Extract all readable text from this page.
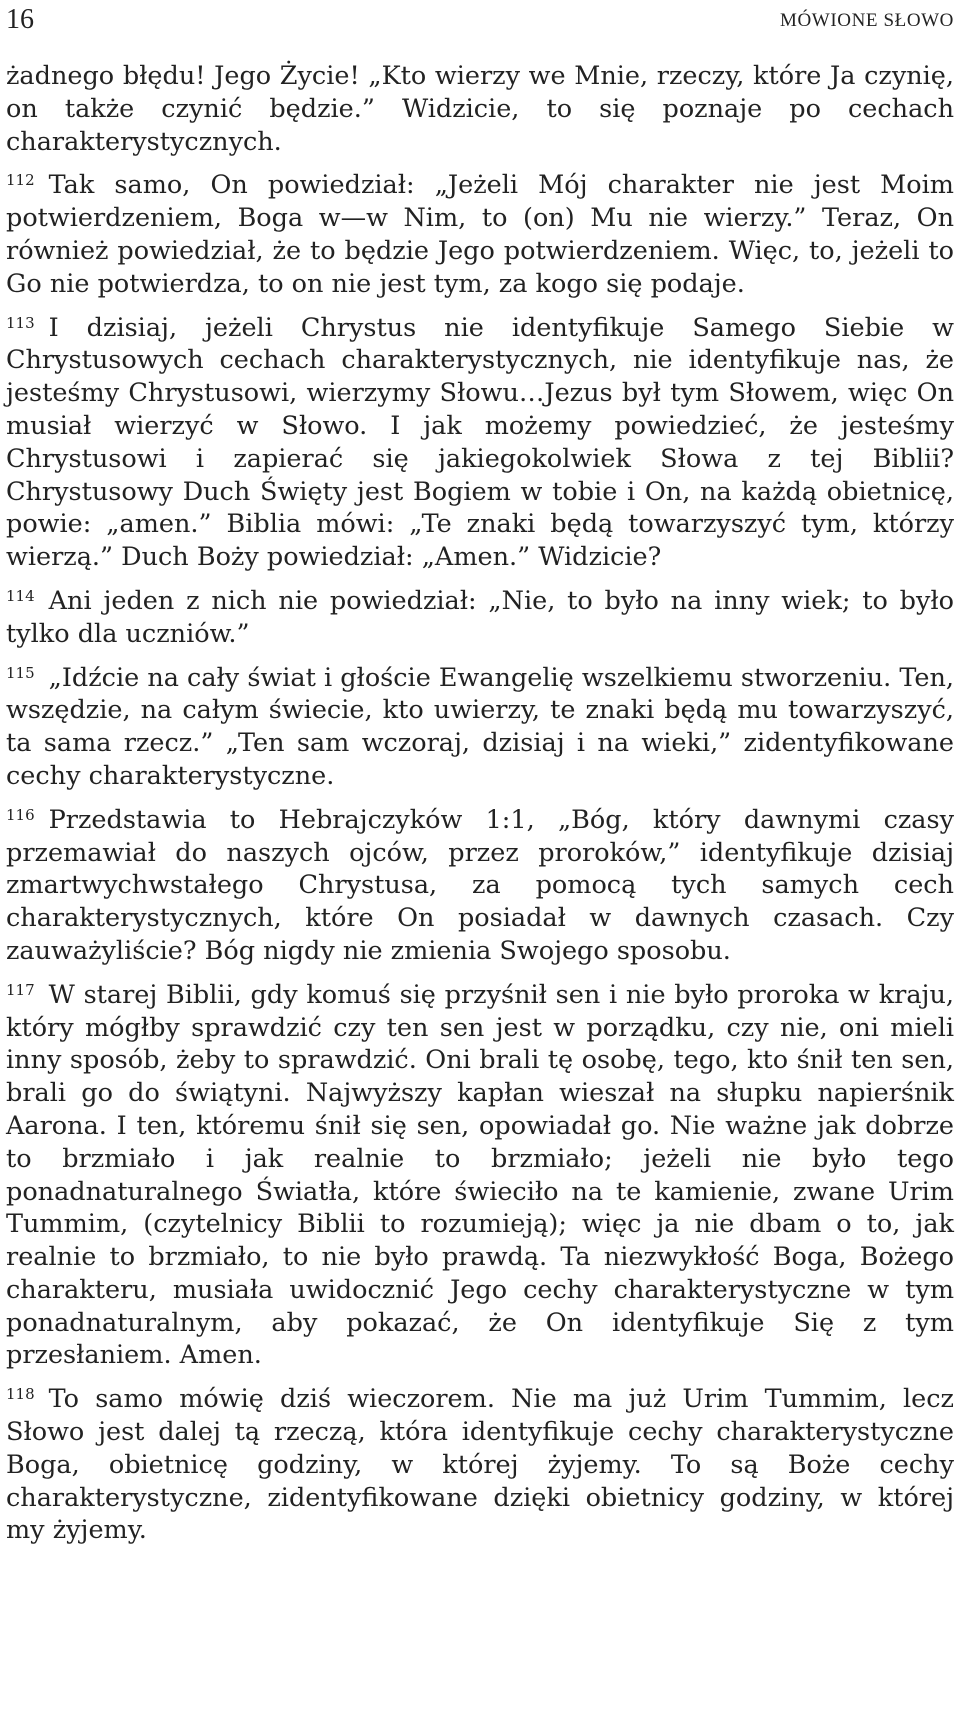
16	MÓWIONE SŁOWO

żadnego błędu! Jego Życie! „Kto wierzy we Mnie, rzeczy, które Ja czynię, on także czynić będzie.” Widzicie, to się poznaje po cechach charakterystycznych.

$^{112}$ Tak samo, On powiedział: „Jeżeli Mój charakter nie jest Moim potwierdzeniem, Boga w—w Nim, to (on) Mu nie wierzy.” Teraz, On również powiedział, że to będzie Jego potwierdzeniem. Więc, to, jeżeli to Go nie potwierdza, to on nie jest tym, za kogo się podaje.

$^{113}$ I dzisiaj, jeżeli Chrystus nie identyfikuje Samego Siebie w Chrystusowych cechach charakterystycznych, nie identyfikuje nas, że jesteśmy Chrystusowi, wierzymy Słowu…Jezus był tym Słowem, więc On musiał wierzyć w Słowo. I jak możemy powiedzieć, że jesteśmy Chrystusowi i zapierać się jakiegokolwiek Słowa z tej Biblii? Chrystusowy Duch Święty jest Bogiem w tobie i On, na każdą obietnicę, powie: „amen.” Biblia mówi: „Te znaki będą towarzyszyć tym, którzy wierzą.” Duch Boży powiedział: „Amen.” Widzicie?

$^{114}$ Ani jeden z nich nie powiedział: „Nie, to było na inny wiek; to było tylko dla uczniów.”

$^{115}$ „Idźcie na cały świat i głoście Ewangelię wszelkiemu stworzeniu. Ten, wszędzie, na całym świecie, kto uwierzy, te znaki będą mu towarzyszyć, ta sama rzecz.” „Ten sam wczoraj, dzisiaj i na wieki,” zidentyfikowane cechy charakterystyczne.

$^{116}$ Przedstawia to Hebrajczyków 1:1, „Bóg, który dawnymi czasy przemawiał do naszych ojców, przez proroków,” identyfikuje dzisiaj zmartwychwstałego Chrystusa, za pomocą tych samych cech charakterystycznych, które On posiadał w dawnych czasach. Czy zauważyliście? Bóg nigdy nie zmienia Swojego sposobu.

$^{117}$ W starej Biblii, gdy komuś się przyśnił sen i nie było proroka w kraju, który mógłby sprawdzić czy ten sen jest w porządku, czy nie, oni mieli inny sposób, żeby to sprawdzić. Oni brali tę osobę, tego, kto śnił ten sen, brali go do świątyni. Najwyższy kapłan wieszał na słupku napierśnik Aarona. I ten, któremu śnił się sen, opowiadał go. Nie ważne jak dobrze to brzmiało i jak realnie to brzmiało; jeżeli nie było tego ponadnaturalnego Światła, które świeciło na te kamienie, zwane Urim Tummim, (czytelnicy Biblii to rozumieją); więc ja nie dbam o to, jak realnie to brzmiało, to nie było prawdą. Ta niezwykłość Boga, Bożego charakteru, musiała uwidocznić Jego cechy charakterystyczne w tym ponadnaturalnym, aby pokazać, że On identyfikuje Się z tym przesłaniem. Amen.

$^{118}$ To samo mówię dziś wieczorem. Nie ma już Urim Tummim, lecz Słowo jest dalej tą rzeczą, która identyfikuje cechy charakterystyczne Boga, obietnicę godziny, w której żyjemy. To są Boże cechy charakterystyczne, zidentyfikowane dzięki obietnicy godziny, w której my żyjemy.
